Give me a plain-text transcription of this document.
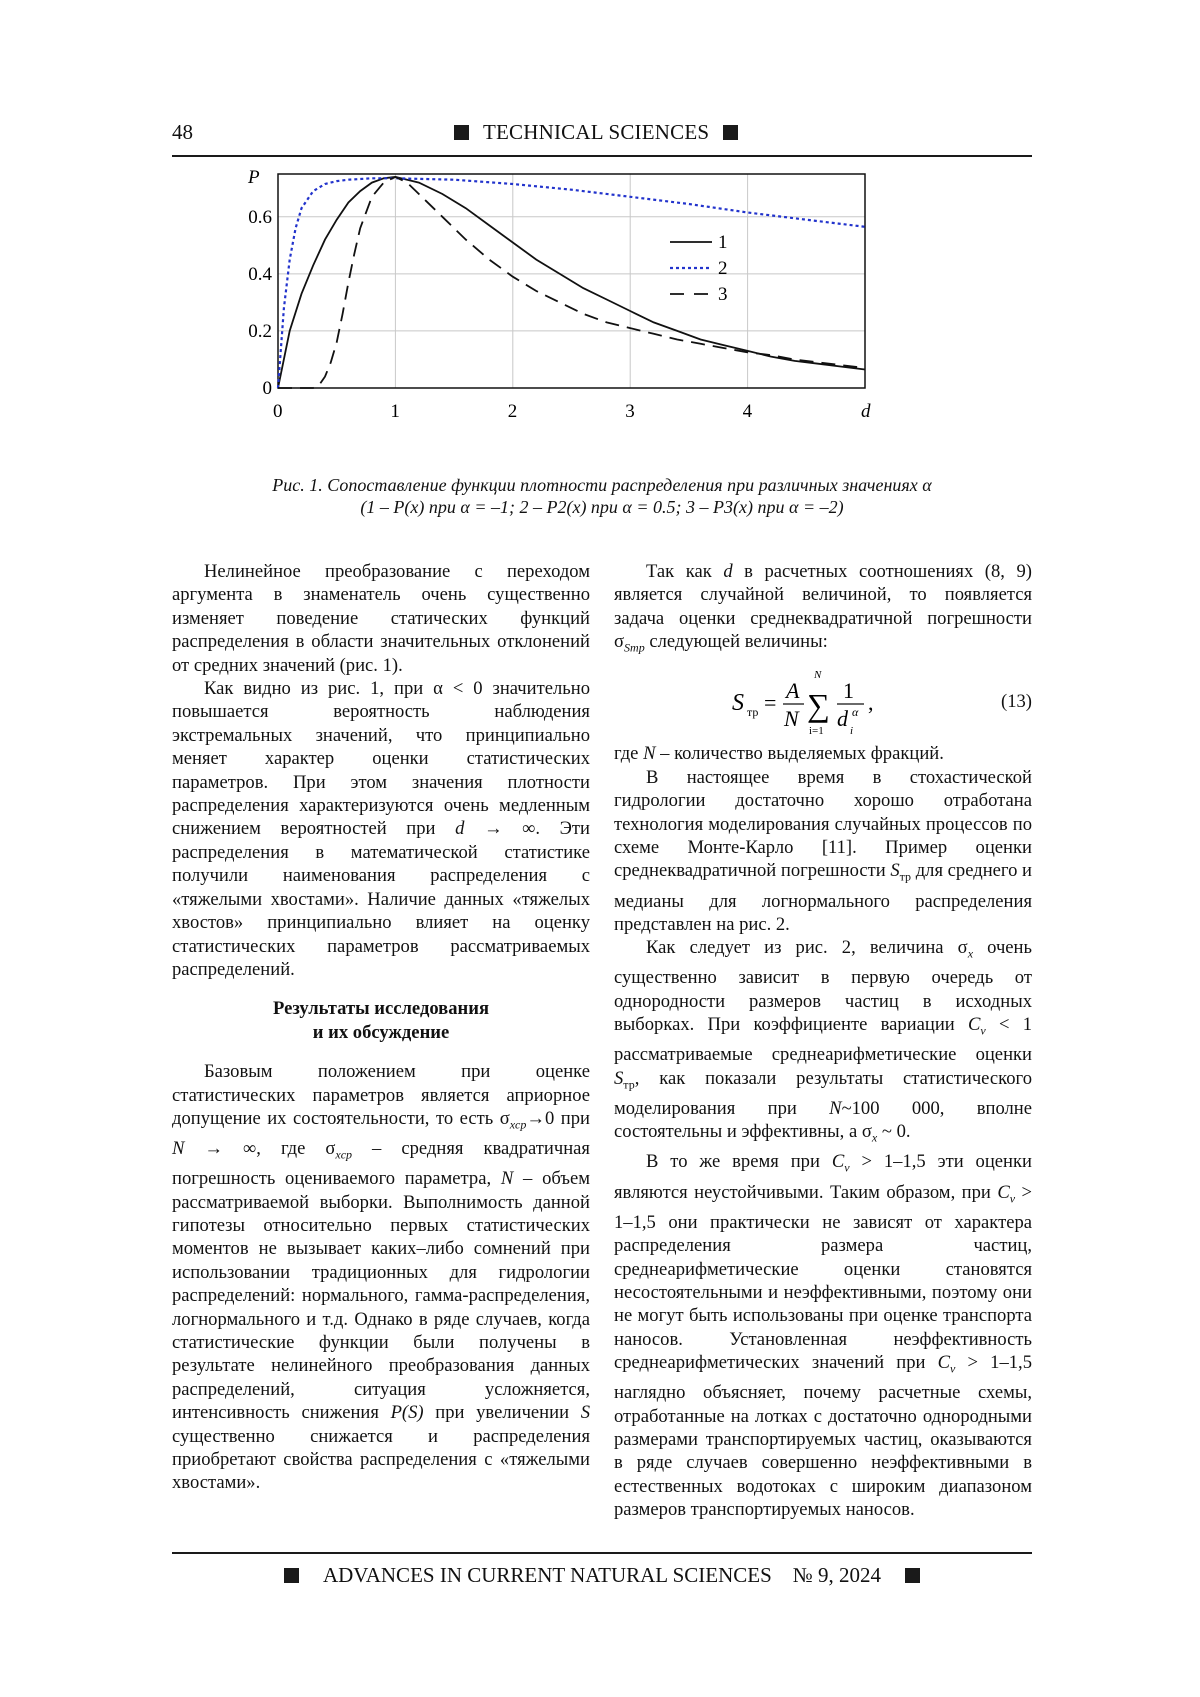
48	TECHNICAL SCIENCES
0	1	2	3	4	d
0
0.2
0.4
0.6
1
2
3
P
Рис. 1. Сопоставление функции плотности распределения при различных значениях α
(1 – P(x) при α = –1; 2 – P2(x) при α = 0.5; 3 – P3(x) при α = –2)

Нелинейное преобразование с переходом аргумента в знаменатель очень существенно изменяет поведение статических функций распределения в области значительных отклонений от средних значений (рис. 1).

Как видно из рис. 1, при α < 0 значительно повышается вероятность наблюдения экстремальных значений, что принципиально меняет характер оценки статистических параметров. При этом значения плотности распределения характеризуются очень медленным снижением вероятностей при d → ∞. Эти распределения в математической статистике получили наименования распределения с «тяжелыми хвостами». Наличие данных «тяжелых хвостов» принципиально влияет на оценку статистических параметров рассматриваемых распределений.

Результаты исследования
и их обсуждение

Базовым положением при оценке статистических параметров является априорное допущение их состоятельности, то есть $\sigma_{xср}\to 0$ при N → ∞, где $\sigma_{xср}$ – средняя квадратичная погрешность оцениваемого параметра, N – объем рассматриваемой выборки. Выполнимость данной гипотезы относительно первых статистических моментов не вызывает каких–либо сомнений при использовании традиционных для гидрологии распределений: нормального, гамма-распределения, логнормального и т.д. Однако в ряде случаев, когда статистические функции были получены в результате нелинейного преобразования данных распределений, ситуация усложняется, интенсивность снижения P(S) при увеличении S существенно снижается и распределения приобретают свойства распределения с «тяжелыми хвостами».

Так как d в расчетных соотношениях (8, 9) является случайной величиной, то появляется задача оценки среднеквадратичной погрешности $\sigma_{Sтр}$ следующей величины:

S тр = A
N
N
∑
i=1
1
d i
α ,	(13)

где N – количество выделяемых фракций.

В настоящее время в стохастической гидрологии достаточно хорошо отработана технология моделирования случайных процессов по схеме Монте-Карло [11]. Пример оценки среднеквадратичной погрешности $S_{тр}$ для среднего и медианы для логнормального распределения представлен на рис. 2.

Как следует из рис. 2, величина $\sigma_x$ очень существенно зависит в первую очередь от однородности размеров частиц в исходных выборках. При коэффициенте вариации $C_v < 1$ рассматриваемые среднеарифметические оценки $S_{тр}$, как показали результаты статистического моделирования при N~100 000, вполне состоятельны и эффективны, а $\sigma_x$ ~ 0.

В то же время при $C_v > 1-1,5$ эти оценки являются неустойчивыми. Таким образом, при $C_v > 1-1,5$ они практически не зависят от характера распределения размера частиц, среднеарифметические оценки становятся несостоятельными и неэффективными, поэтому они не могут быть использованы при оценке транспорта наносов. Установленная неэффективность среднеарифметических значений при $C_v > 1-1,5$ наглядно объясняет, почему расчетные схемы, отработанные на лотках с достаточно однородными размерами транспортируемых частиц, оказываются в ряде случаев совершенно неэффективными в естественных водотоках с широким диапазоном размеров транспортируемых наносов.

ADVANCES IN CURRENT NATURAL SCIENCES № 9, 2024
